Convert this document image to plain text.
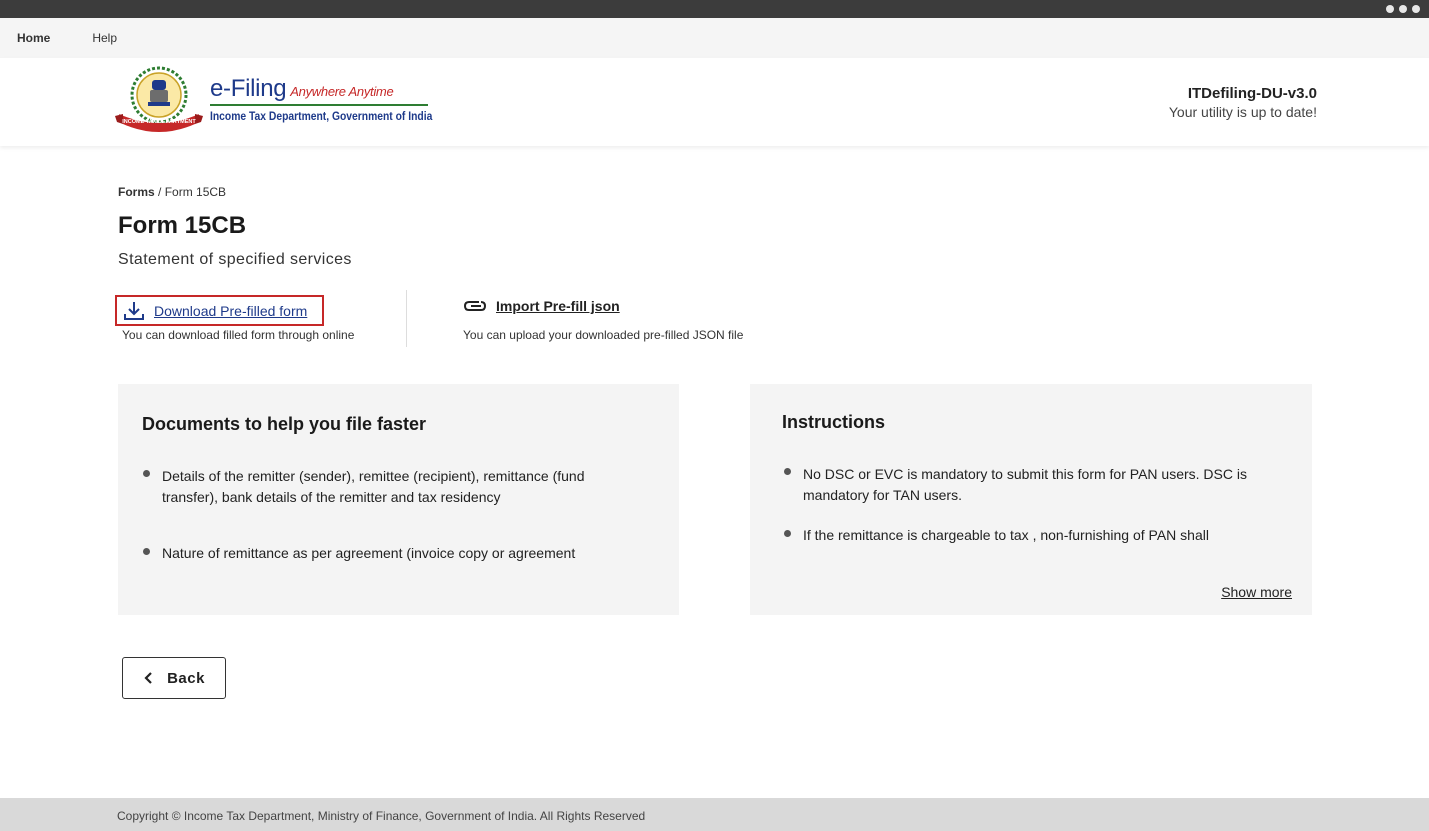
Home	Help
INCOME TAX DEPARTMENT
e-Filing Anywhere Anytime
Income Tax Department, Government of India
ITDefiling-DU-v3.0
Your utility is up to date!
Forms / Form 15CB
Form 15CB
Statement of specified services
Download Pre-filled form
You can download filled form through online
Import Pre-fill json
You can upload your downloaded pre-filled JSON file
Documents to help you file faster
Details of the remitter (sender), remittee (recipient), remittance (fund transfer), bank details of the remitter and tax residency
Nature of remittance as per agreement (invoice copy or agreement
Instructions
No DSC or EVC is mandatory to submit this form for PAN users. DSC is mandatory for TAN users.
If the remittance is chargeable to tax , non-furnishing of PAN shall
Show more
Back
Copyright © Income Tax Department, Ministry of Finance, Government of India. All Rights Reserved
